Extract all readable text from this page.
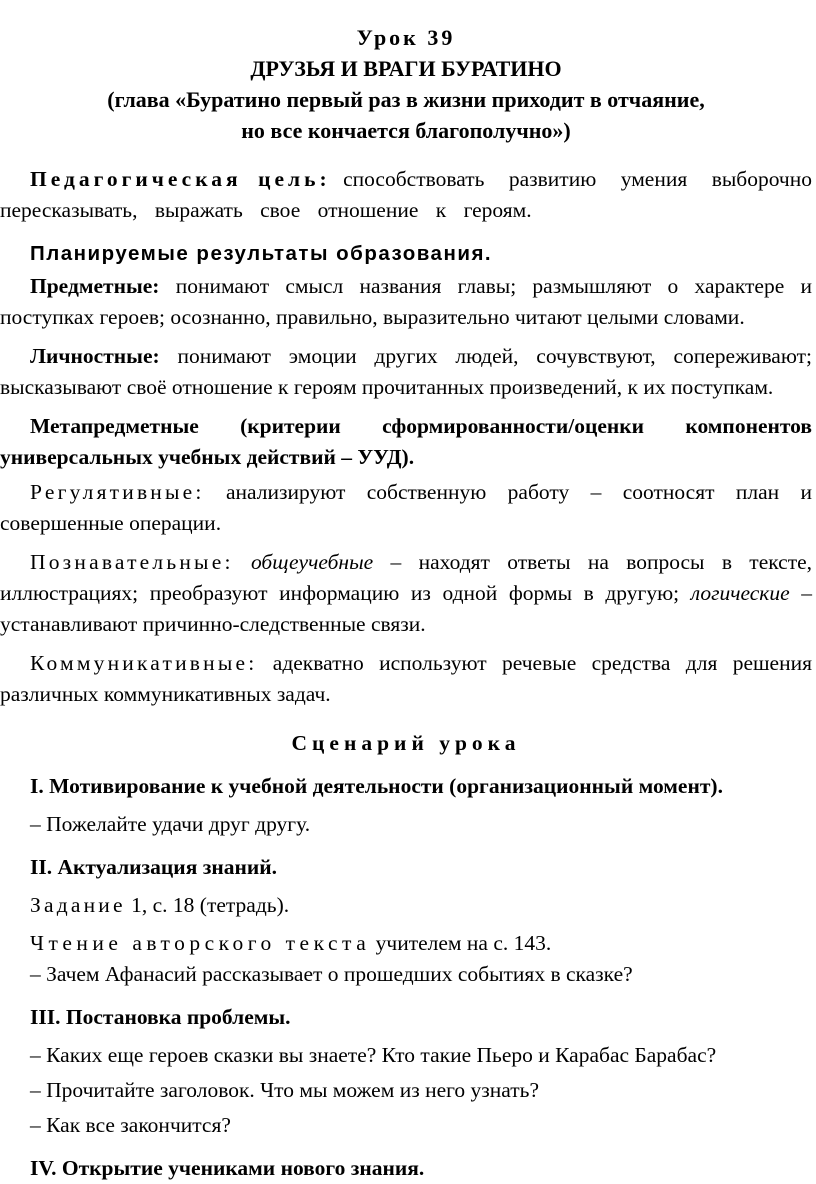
Урок 39

ДРУЗЬЯ И ВРАГИ БУРАТИНО

(глава «Буратино первый раз в жизни приходит в отчаяние,

но все кончается благополучно»)

Педагогическая цель: способствовать развитию умения выборочно пересказывать, выражать свое отношение к героям.

Планируемые результаты образования.

Предметные: понимают смысл названия главы; размышляют о характере и поступках героев; осознанно, правильно, выразительно читают целыми словами.

Личностные: понимают эмоции других людей, сочувствуют, сопереживают; высказывают своё отношение к героям прочитанных произведений, к их поступкам.

Метапредметные (критерии сформированности/оценки компонентов универсальных учебных действий – УУД).

Регулятивные: анализируют собственную работу – соотносят план и совершенные операции.

Познавательные: общеучебные – находят ответы на вопросы в тексте, иллюстрациях; преобразуют информацию из одной формы в другую; логические – устанавливают причинно-следственные связи.

Коммуникативные: адекватно используют речевые средства для решения различных коммуникативных задач.

Сценарий урока

I. Мотивирование к учебной деятельности (организационный момент).

– Пожелайте удачи друг другу.

II. Актуализация знаний.

Задание 1, с. 18 (тетрадь).

Чтение авторского текста учителем на с. 143.

– Зачем Афанасий рассказывает о прошедших событиях в сказке?

III. Постановка проблемы.

– Каких еще героев сказки вы знаете? Кто такие Пьеро и Карабас Барабас?

– Прочитайте заголовок. Что мы можем из него узнать?

– Как все закончится?

IV. Открытие учениками нового знания.
